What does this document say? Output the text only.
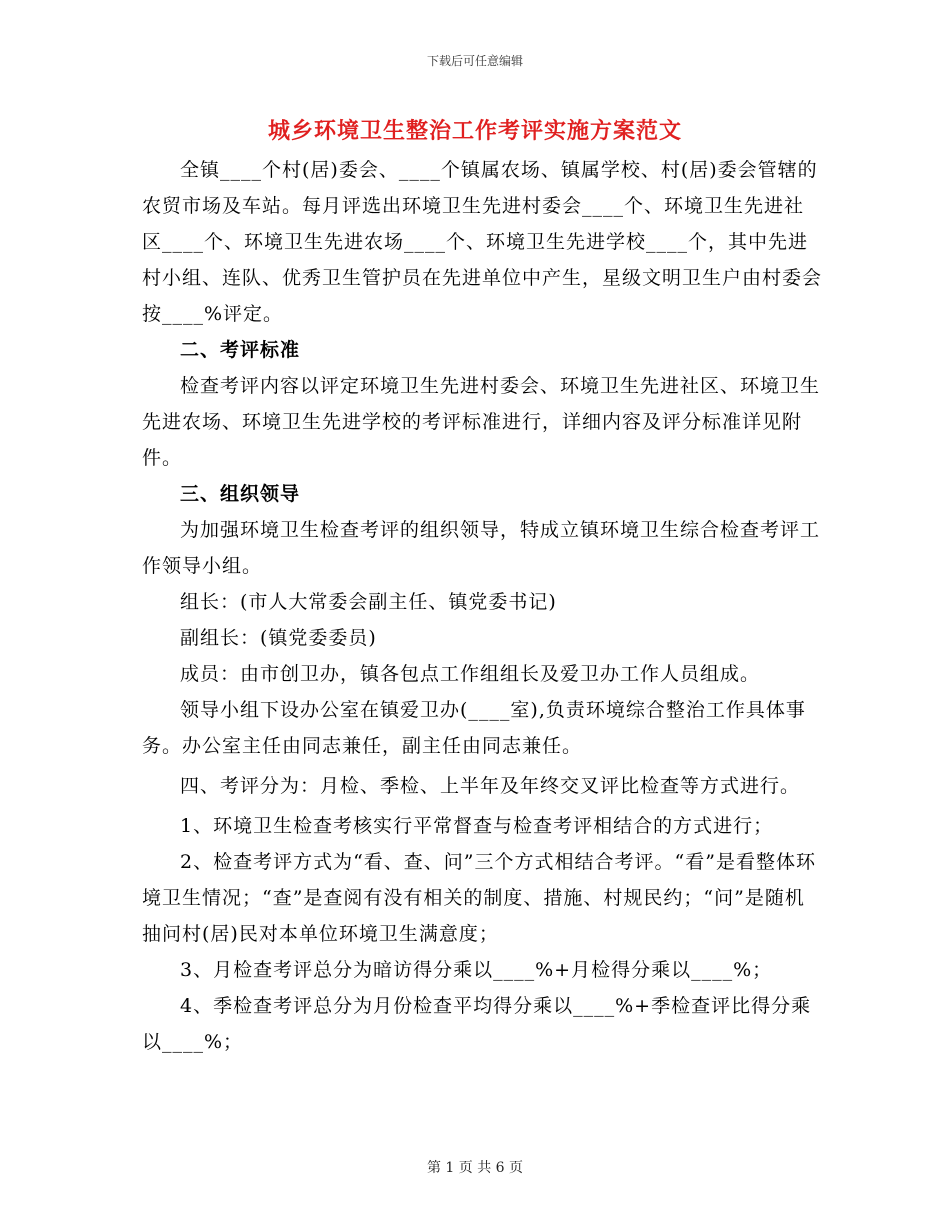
下载后可任意编辑
城乡环境卫生整治工作考评实施方案范文

全镇____个村(居)委会、____个镇属农场、镇属学校、村(居)委会管辖的农贸市场及车站。每月评选出环境卫生先进村委会____个、环境卫生先进社区____个、环境卫生先进农场____个、环境卫生先进学校____个，其中先进村小组、连队、优秀卫生管护员在先进单位中产生，星级文明卫生户由村委会按____%评定。

二、考评标准

检查考评内容以评定环境卫生先进村委会、环境卫生先进社区、环境卫生先进农场、环境卫生先进学校的考评标准进行，详细内容及评分标准详见附件。

三、组织领导

为加强环境卫生检查考评的组织领导，特成立镇环境卫生综合检查考评工作领导小组。

组长：(市人大常委会副主任、镇党委书记)

副组长：(镇党委委员)

成员：由市创卫办，镇各包点工作组组长及爱卫办工作人员组成。

领导小组下设办公室在镇爱卫办(____室),负责环境综合整治工作具体事务。办公室主任由同志兼任，副主任由同志兼任。

四、考评分为：月检、季检、上半年及年终交叉评比检查等方式进行。

1、环境卫生检查考核实行平常督查与检查考评相结合的方式进行；

2、检查考评方式为“看、查、问”三个方式相结合考评。“看”是看整体环境卫生情况；“查”是查阅有没有相关的制度、措施、村规民约；“问”是随机抽问村(居)民对本单位环境卫生满意度；

3、月检查考评总分为暗访得分乘以____%+月检得分乘以____%；

4、季检查考评总分为月份检查平均得分乘以____%+季检查评比得分乘以____%；

第 1 页 共 6 页
